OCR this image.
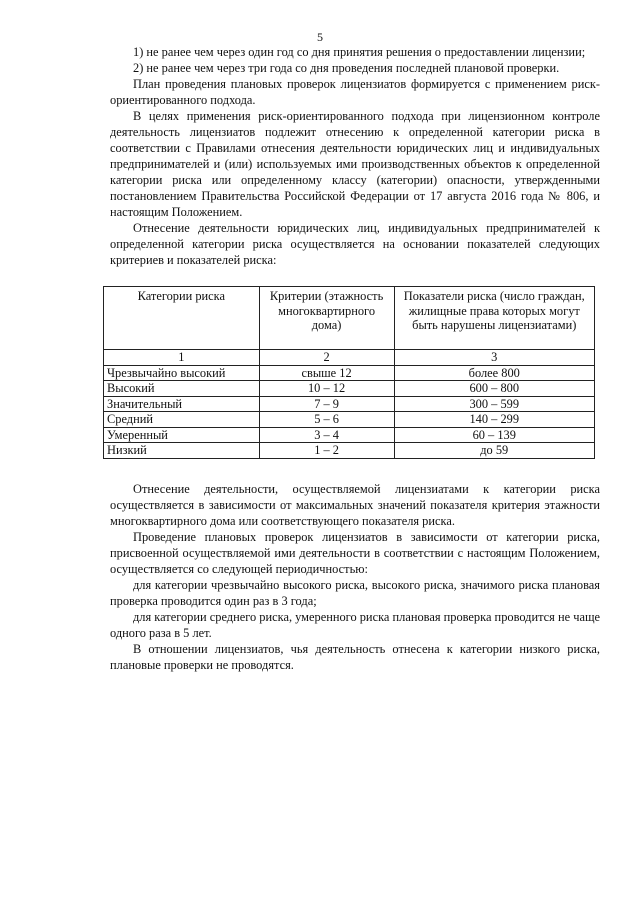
5

1) не ранее чем через один год со дня принятия решения о предоставлении лицензии;

2) не ранее чем через три года со дня проведения последней плановой проверки.

План проведения плановых проверок лицензиатов формируется с применением риск-ориентированного подхода.

В целях применения риск-ориентированного подхода при лицензионном контроле деятельность лицензиатов подлежит отнесению к определенной категории риска в соответствии с Правилами отнесения деятельности юридических лиц и индивидуальных предпринимателей и (или) используемых ими производственных объектов к определенной категории риска или определенному классу (категории) опасности, утвержденными постановлением Правительства Российской Федерации от 17 августа 2016 года № 806, и настоящим Положением.

Отнесение деятельности юридических лиц, индивидуальных предпринимателей к определенной категории риска осуществляется на основании показателей следующих критериев и показателей риска:

Категории риска	Критерии (этажность многоквартирного дома)	Показатели риска (число граждан, жилищные права которых могут быть нарушены лицензиатами)
1	2	3
Чрезвычайно высокий	свыше 12	более 800
Высокий	10 – 12	600 – 800
Значительный	7 – 9	300 – 599
Средний	5 – 6	140 – 299
Умеренный	3 – 4	60 – 139
Низкий	1 – 2	до 59

Отнесение деятельности, осуществляемой лицензиатами к категории риска осуществляется в зависимости от максимальных значений показателя критерия этажности многоквартирного дома или соответствующего показателя риска.

Проведение плановых проверок лицензиатов в зависимости от категории риска, присвоенной осуществляемой ими деятельности в соответствии с настоящим Положением, осуществляется со следующей периодичностью:

для категории чрезвычайно высокого риска, высокого риска, значимого риска плановая проверка проводится один раз в 3 года;

для категории среднего риска, умеренного риска плановая проверка проводится не чаще одного раза в 5 лет.

В отношении лицензиатов, чья деятельность отнесена к категории низкого риска, плановые проверки не проводятся.
